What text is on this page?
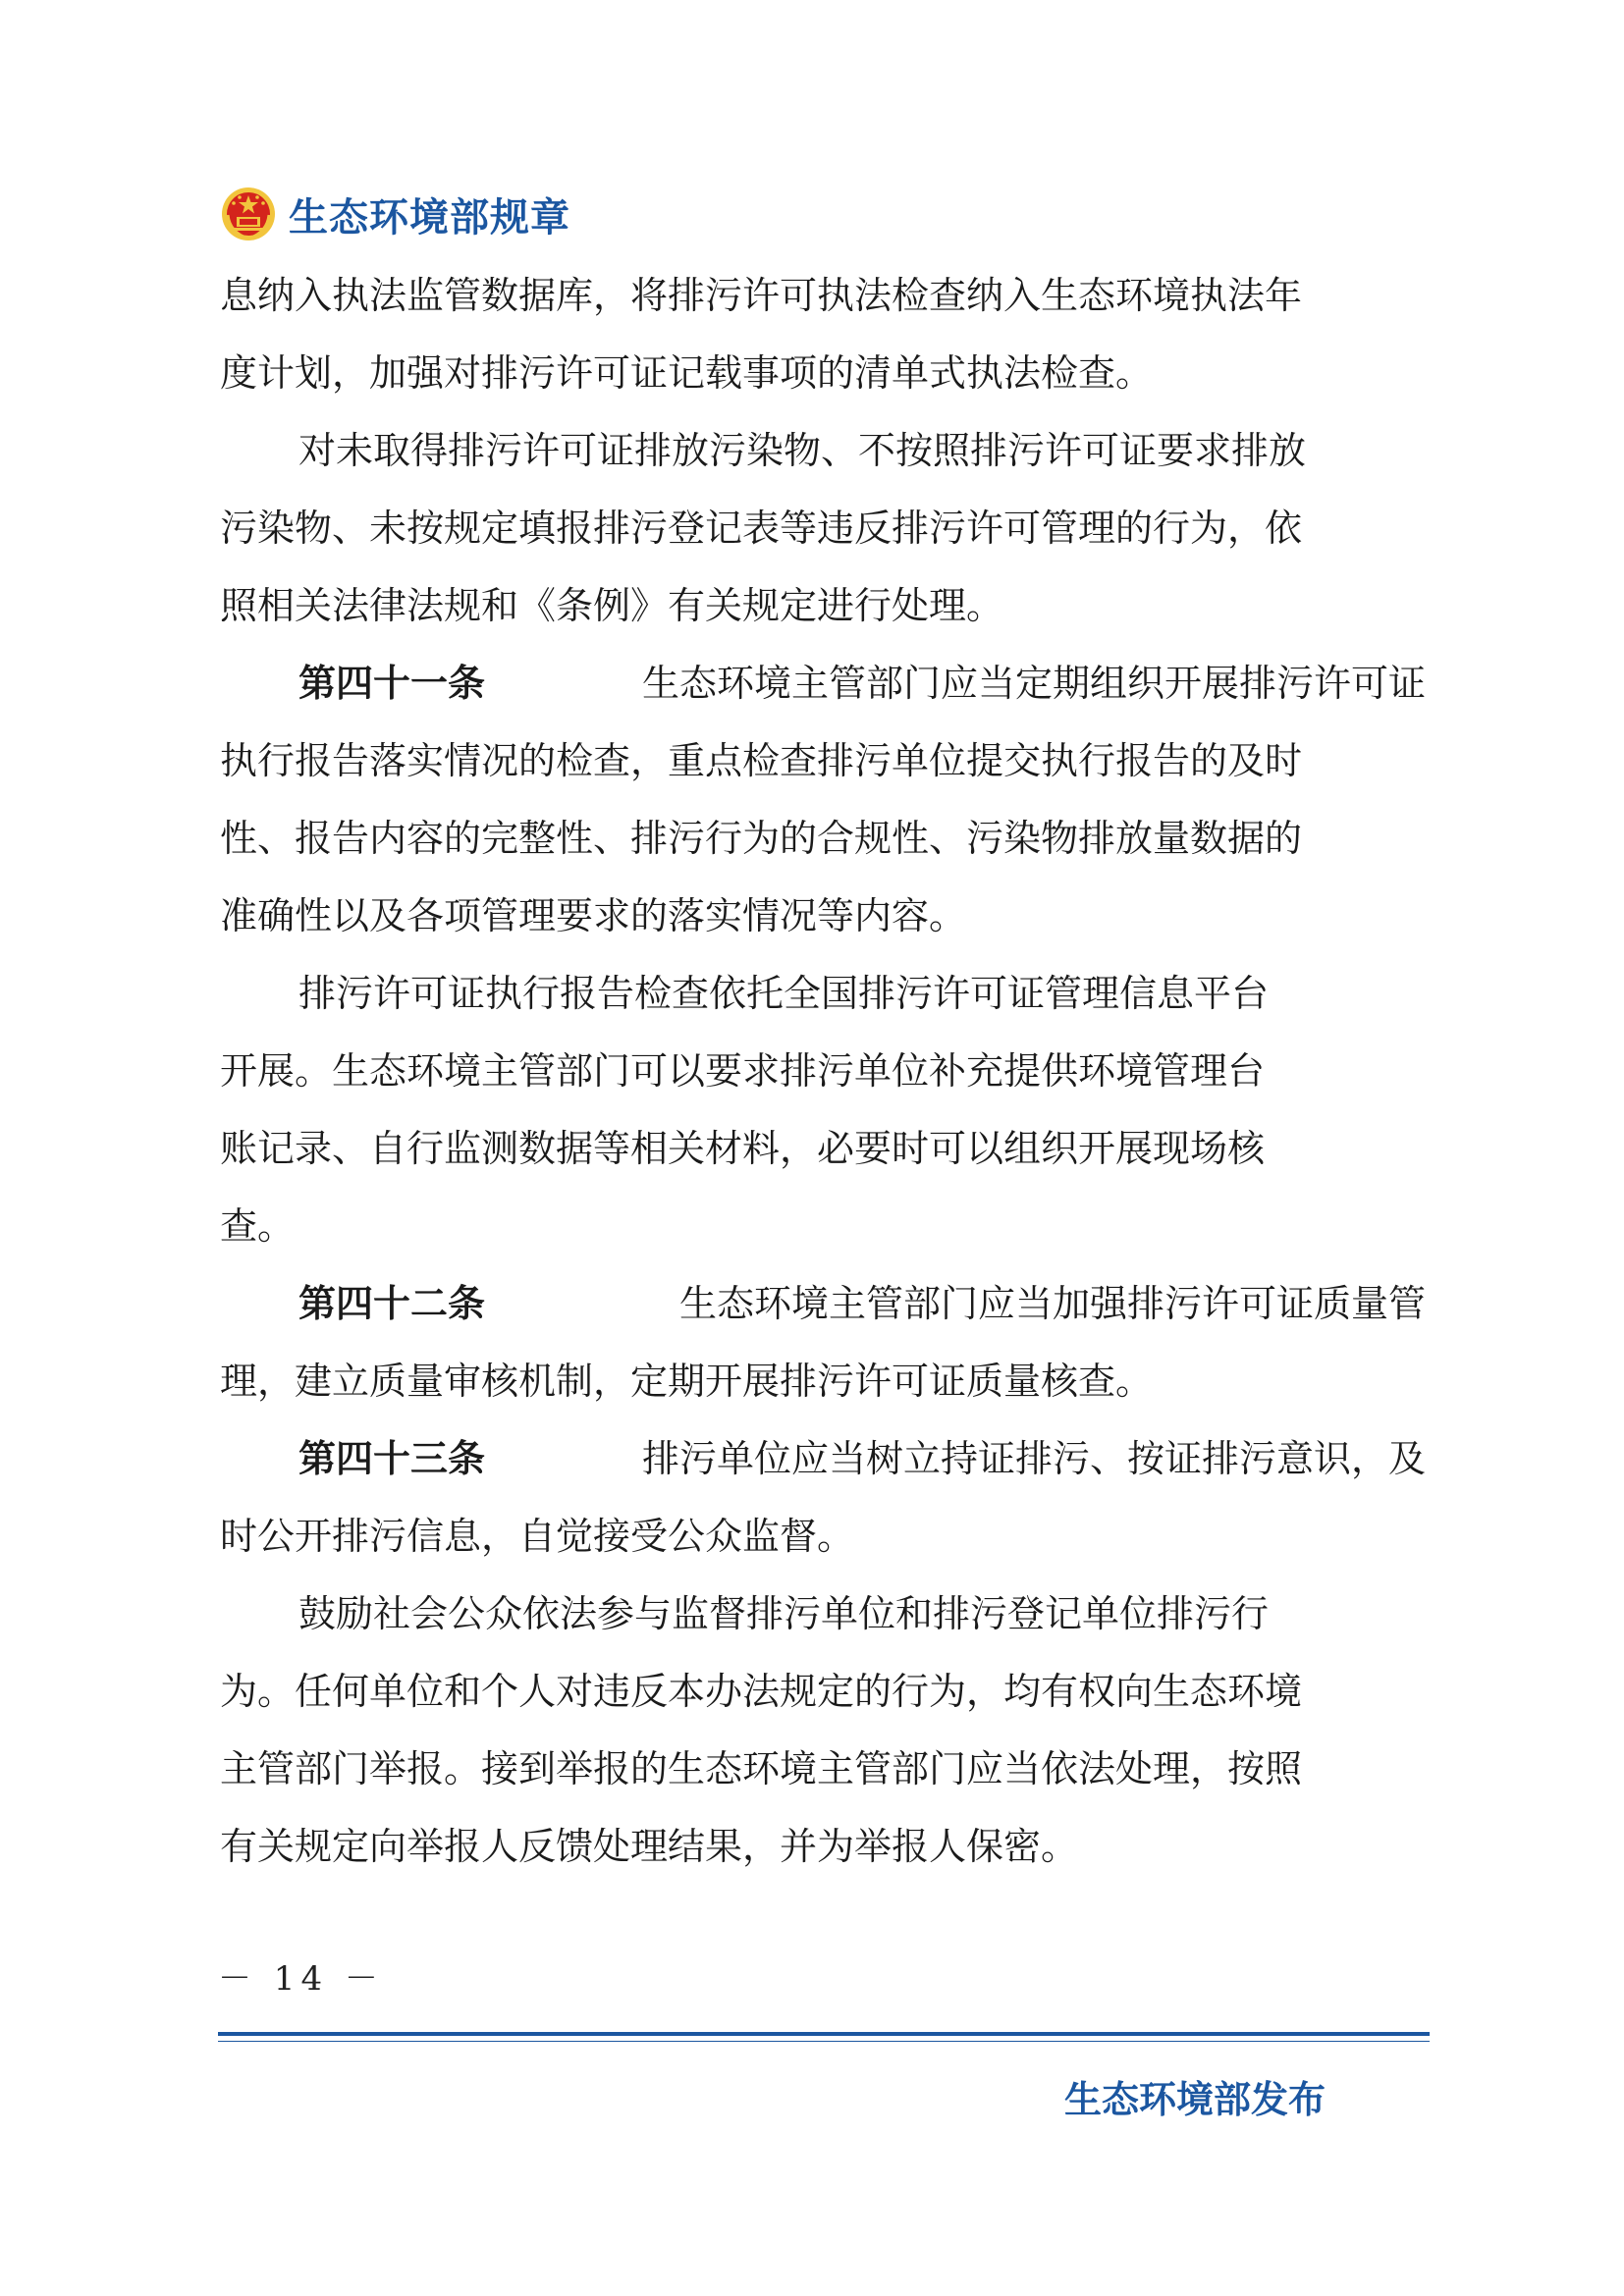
生态环境部规章
息纳入执法监管数据库，将排污许可执法检查纳入生态环境执法年
度计划，加强对排污许可证记载事项的清单式执法检查。
对未取得排污许可证排放污染物、不按照排污许可证要求排放
污染物、未按规定填报排污登记表等违反排污许可管理的行为，依
照相关法律法规和《条例》有关规定进行处理。
第四十一条	生态环境主管部门应当定期组织开展排污许可证
执行报告落实情况的检查，重点检查排污单位提交执行报告的及时
性、报告内容的完整性、排污行为的合规性、污染物排放量数据的
准确性以及各项管理要求的落实情况等内容。
排污许可证执行报告检查依托全国排污许可证管理信息平台
开展。生态环境主管部门可以要求排污单位补充提供环境管理台
账记录、自行监测数据等相关材料，必要时可以组织开展现场核
查。
第四十二条	生态环境主管部门应当加强排污许可证质量管
理，建立质量审核机制，定期开展排污许可证质量核查。
第四十三条	排污单位应当树立持证排污、按证排污意识，及
时公开排污信息，自觉接受公众监督。
鼓励社会公众依法参与监督排污单位和排污登记单位排污行
为。任何单位和个人对违反本办法规定的行为，均有权向生态环境
主管部门举报。接到举报的生态环境主管部门应当依法处理，按照
有关规定向举报人反馈处理结果，并为举报人保密。
－ 14 －
生态环境部发布
